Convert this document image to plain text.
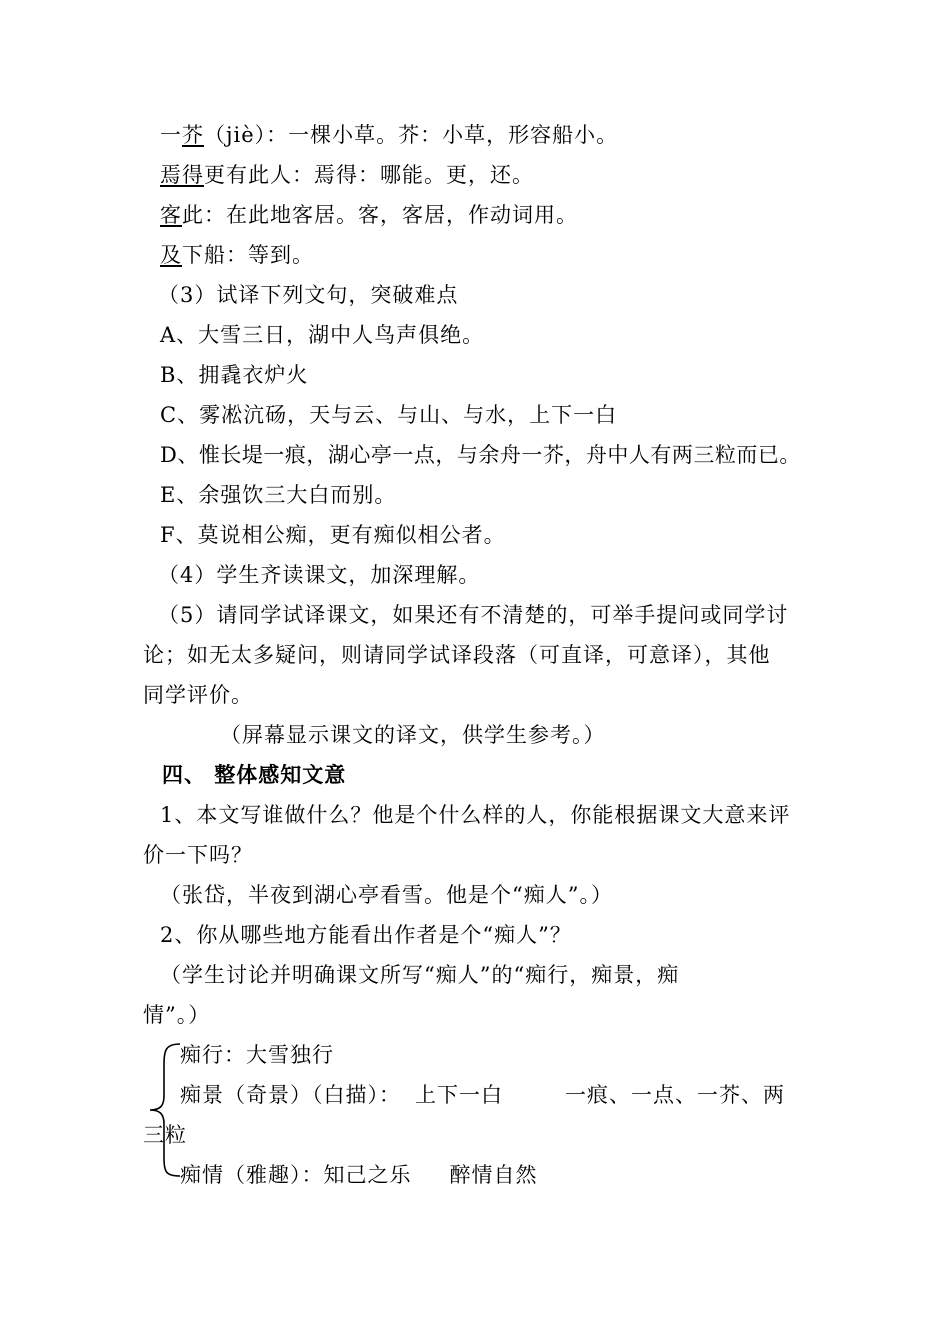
一芥（jiè）：一棵小草。芥：小草，形容船小。
焉得更有此人：焉得：哪能。更，还。
客此：在此地客居。客，客居，作动词用。
及下船：等到。
（3）试译下列文句，突破难点
A、大雪三日，湖中人鸟声俱绝。
B、拥毳衣炉火
C、雾凇沆砀，天与云、与山、与水，上下一白
D、惟长堤一痕，湖心亭一点，与余舟一芥，舟中人有两三粒而已。
E、余强饮三大白而别。
F、莫说相公痴，更有痴似相公者。
（4）学生齐读课文，加深理解。
（5）请同学试译课文，如果还有不清楚的，可举手提问或同学讨
论；如无太多疑问，则请同学试译段落（可直译，可意译），其他
同学评价。
（屏幕显示课文的译文，供学生参考。）
四、 整体感知文意
1、本文写谁做什么？他是个什么样的人，你能根据课文大意来评
价一下吗？
（张岱，半夜到湖心亭看雪。他是个“痴人”。）
2、你从哪些地方能看出作者是个“痴人”？
（学生讨论并明确课文所写“痴人”的“痴行，痴景，痴
情”。）
痴行：大雪独行
痴景（奇景）（白描）： 上下一白	一痕、一点、一芥、两
三粒
痴情（雅趣）：知己之乐 醉情自然
